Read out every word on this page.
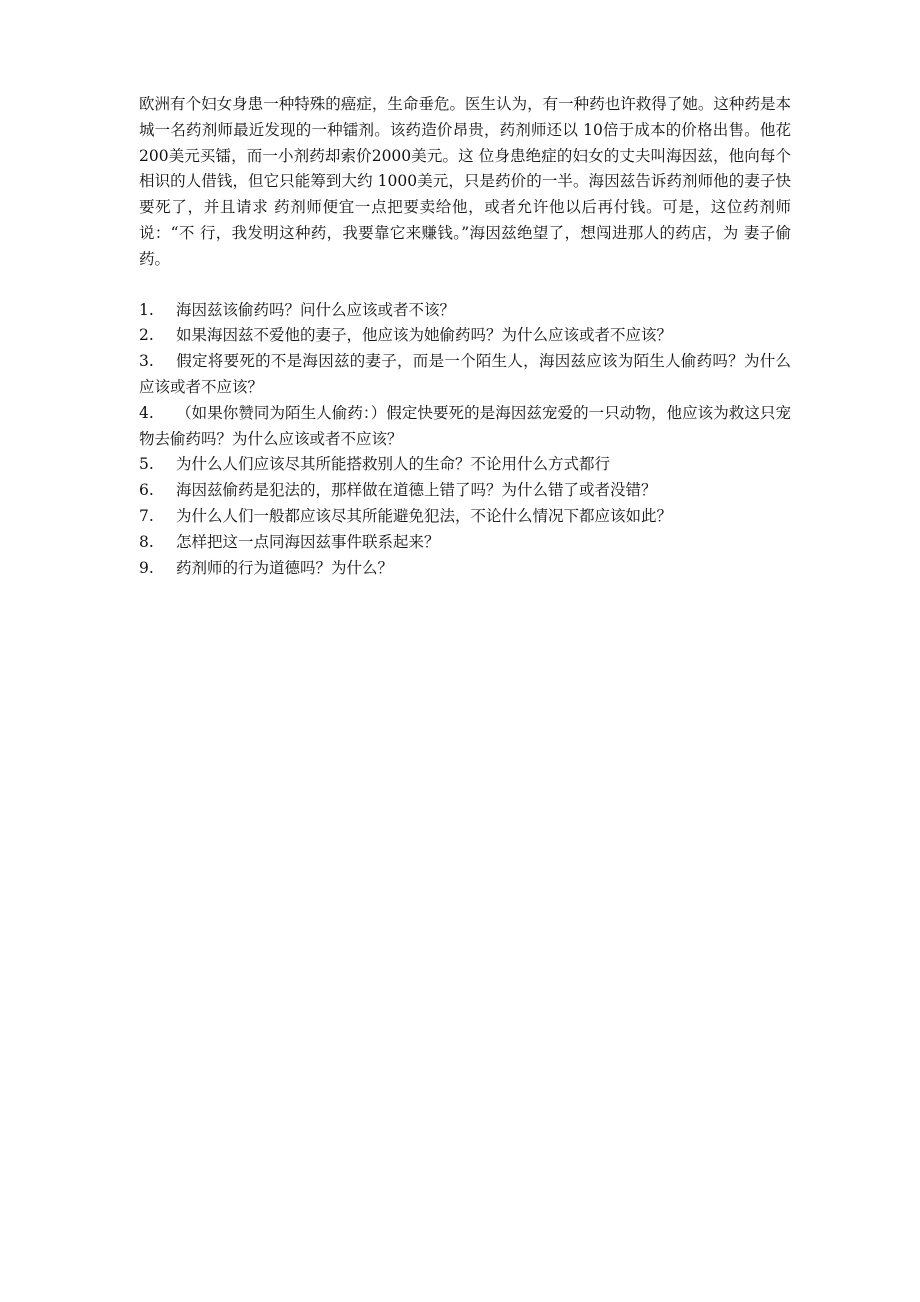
欧洲有个妇女身患一种特殊的癌症，生命垂危。医生认为，有一种药也许救得了她。这种药是本城一名药剂师最近发现的一种镭剂。该药造价昂贵，药剂师还以 10倍于成本的价格出售。他花200美元买镭，而一小剂药却索价2000美元。这 位身患绝症的妇女的丈夫叫海因兹，他向每个相识的人借钱，但它只能筹到大约 1000美元，只是药价的一半。海因兹告诉药剂师他的妻子快要死了，并且请求 药剂师便宜一点把要卖给他，或者允许他以后再付钱。可是，这位药剂师说：“不 行，我发明这种药，我要靠它来赚钱。”海因兹绝望了，想闯进那人的药店，为 妻子偷药。

1. 海因兹该偷药吗？问什么应该或者不该？
2. 如果海因兹不爱他的妻子，他应该为她偷药吗？为什么应该或者不应该？
3. 假定将要死的不是海因兹的妻子，而是一个陌生人，海因兹应该为陌生人偷药吗？为什么应该或者不应该？
4. （如果你赞同为陌生人偷药：）假定快要死的是海因兹宠爱的一只动物，他应该为救这只宠物去偷药吗？为什么应该或者不应该？
5. 为什么人们应该尽其所能搭救别人的生命？不论用什么方式都行
6. 海因兹偷药是犯法的，那样做在道德上错了吗？为什么错了或者没错？
7. 为什么人们一般都应该尽其所能避免犯法，不论什么情况下都应该如此？
8. 怎样把这一点同海因兹事件联系起来？
9. 药剂师的行为道德吗？为什么？
